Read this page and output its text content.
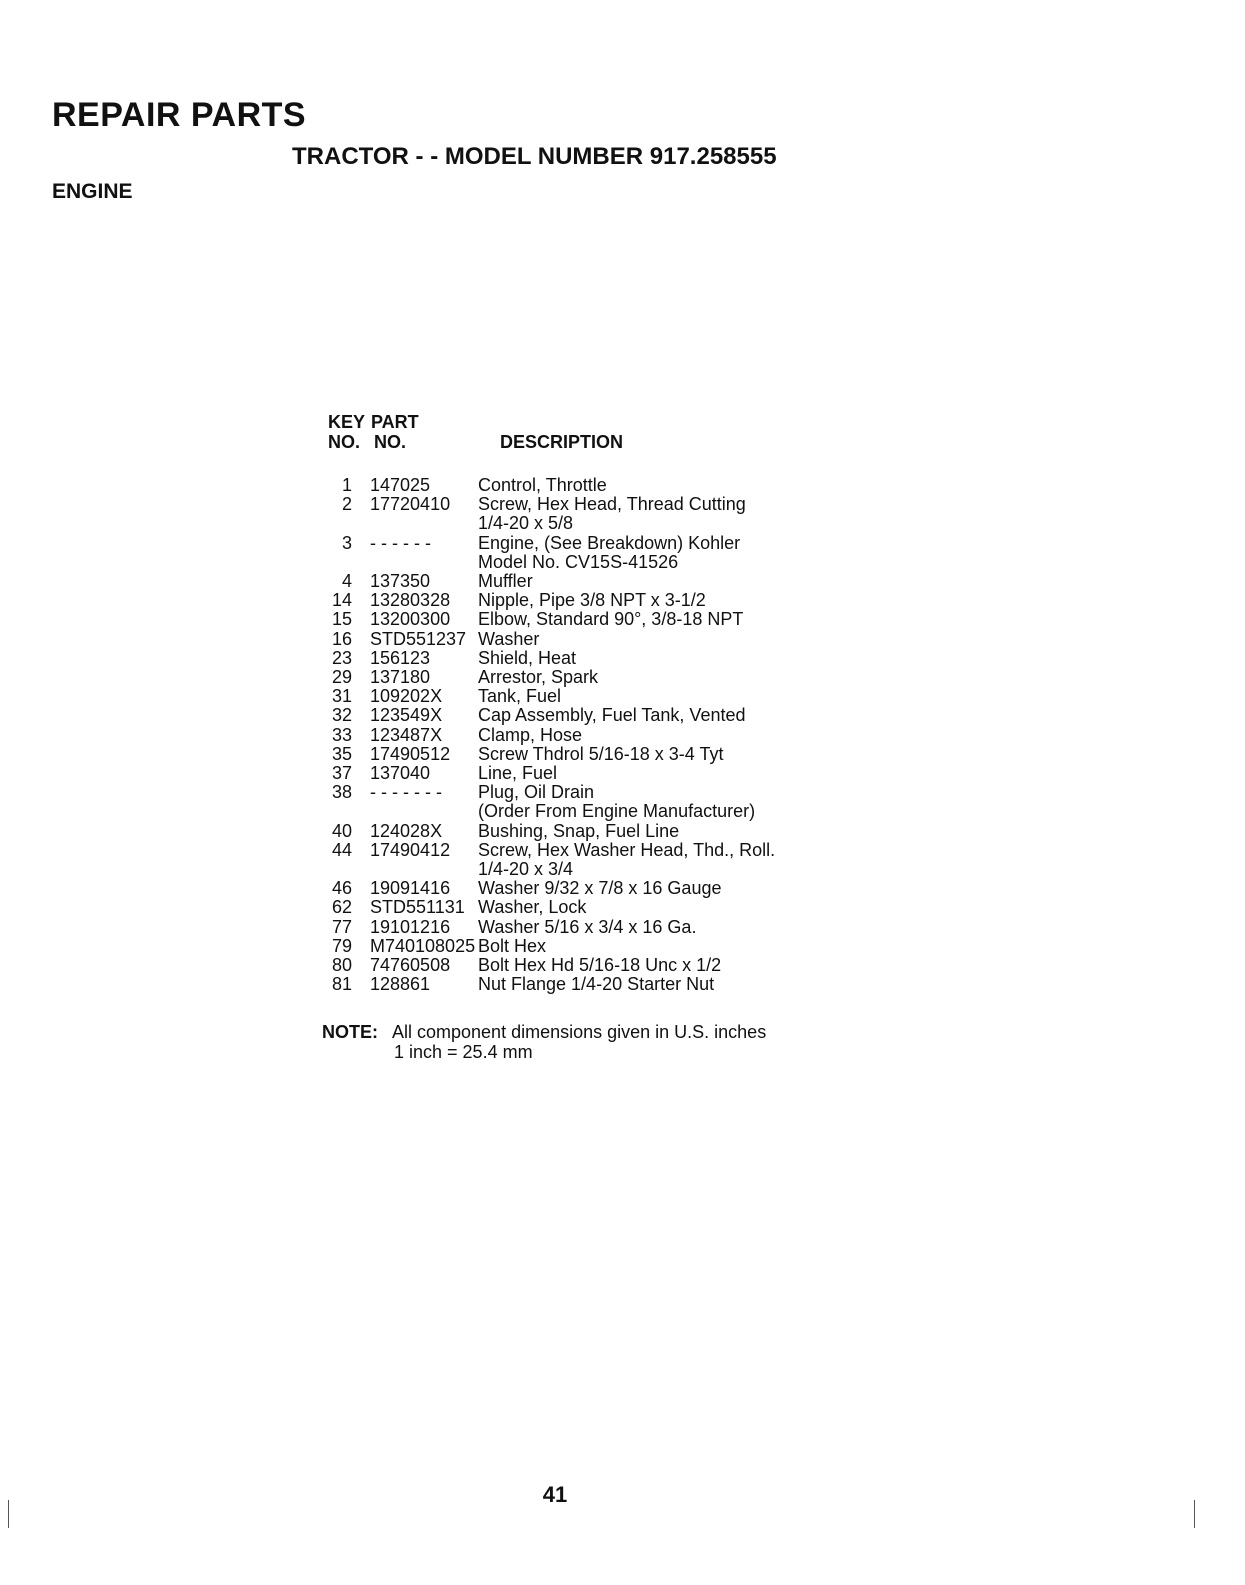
REPAIR PARTS
TRACTOR - - MODEL NUMBER 917.258555
ENGINE
KEY
NO.
PART
NO.	DESCRIPTION
1	147025	Control, Throttle
2	17720410	Screw, Hex Head, Thread Cutting
1/4-20 x 5/8
3	- - - - - -	Engine, (See Breakdown) Kohler
Model No. CV15S-41526
4	137350	Muffler
14	13280328	Nipple, Pipe 3/8 NPT x 3-1/2
15	13200300	Elbow, Standard 90°, 3/8-18 NPT
16	STD551237 Washer
23	156123	Shield, Heat
29	137180	Arrestor, Spark
31	109202X	Tank, Fuel
32	123549X	Cap Assembly, Fuel Tank, Vented
33	123487X	Clamp, Hose
35	17490512	Screw Thdrol 5/16-18 x 3-4 Tyt
37	137040	Line, Fuel
38	- - - - - - -	Plug, Oil Drain
(Order From Engine Manufacturer)
40	124028X	Bushing, Snap, Fuel Line
44	17490412	Screw, Hex Washer Head, Thd., Roll.
1/4-20 x 3/4
46	19091416	Washer 9/32 x 7/8 x 16 Gauge
62	STD551131 Washer, Lock
77	19101216	Washer 5/16 x 3/4 x 16 Ga.
79	M740108025 Bolt Hex
80	74760508	Bolt Hex Hd 5/16-18 Unc x 1/2
81	128861	Nut Flange 1/4-20 Starter Nut
NOTE: All component dimensions given in U.S. inches
1 inch = 25.4 mm
41
